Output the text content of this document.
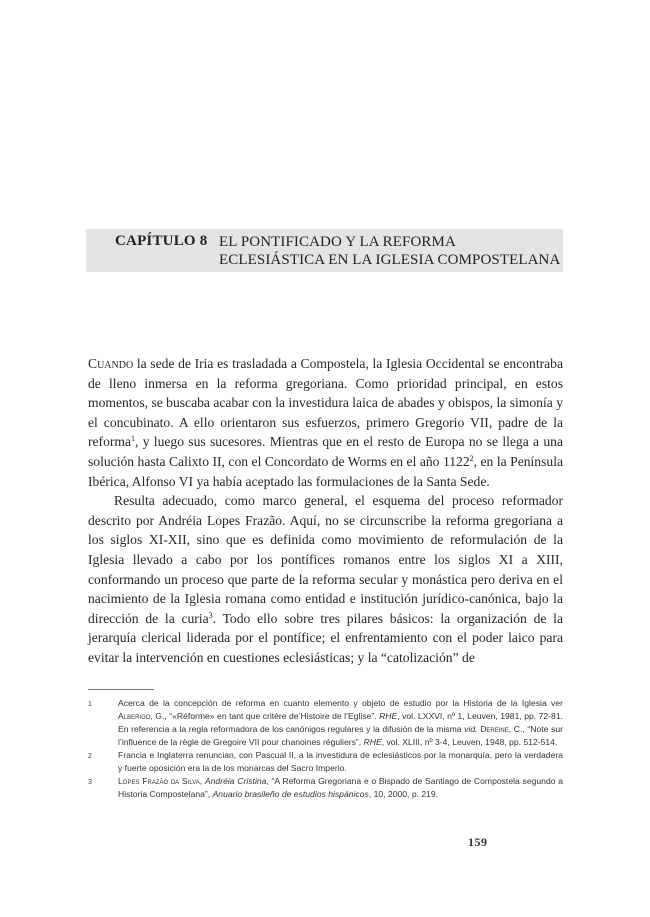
CAPÍTULO 8 EL PONTIFICADO Y LA REFORMA
ECLESIÁSTICA EN LA IGLESIA COMPOSTELANA

Cuando la sede de Iria es trasladada a Compostela, la Iglesia Occidental se encontraba de lleno inmersa en la reforma gregoriana. Como prioridad principal, en estos momentos, se buscaba acabar con la investidura laica de abades y obispos, la simonía y el concubinato. A ello orientaron sus esfuerzos, primero Gregorio VII, padre de la reforma$^1$, y luego sus sucesores. Mientras que en el resto de Europa no se llega a una solución hasta Calixto II, con el Concordato de Worms en el año 1122$^2$, en la Península Ibérica, Alfonso VI ya había aceptado las formulaciones de la Santa Sede.

Resulta adecuado, como marco general, el esquema del proceso reformador descrito por Andréia Lopes Frazão. Aquí, no se circunscribe la reforma gregoriana a los siglos XI-XII, sino que es definida como movimiento de reformulación de la Iglesia llevado a cabo por los pontífices romanos entre los siglos XI a XIII, conformando un proceso que parte de la reforma secular y monástica pero deriva en el nacimiento de la Iglesia romana como entidad e institución jurídico-canónica, bajo la dirección de la curia$^3$. Todo ello sobre tres pilares básicos: la organización de la jerarquía clerical liderada por el pontífice; el enfrentamiento con el poder laico para evitar la intervención en cuestiones eclesiásticas; y la “catolización” de

1	Acerca de la concepción de reforma en cuanto elemento y objeto de estudio por la Historia de la Iglesia ver Alberigo, G., “«Réforme» en tant que critère de’Histoire de l’Eglise”. RHE, vol. LXXVI, nº 1, Leuven, 1981, pp. 72-81. En referencia a la regla reformadora de los canónigos regulares y la difusión de la misma vid. Dereine, C., “Note sur l’influence de la règle de Gregoire VII pour chanoines réguliers”, RHE, vol. XLIII, nº 3-4, Leuven, 1948, pp. 512-514.
2	Francia e Inglaterra renuncian, con Pascual II, a la investidura de eclesiásticos por la monarquía, pero la verdadera y fuerte oposición era la de los monarcas del Sacro Imperio.
3	Lopes Frazão da Silva, Andréia Cristina, “A Reforma Gregoriana e o Bispado de Santiago de Compostela segundo a Historia Compostelana”, Anuario brasileño de estudios hispánicos, 10, 2000, p. 219.
159
